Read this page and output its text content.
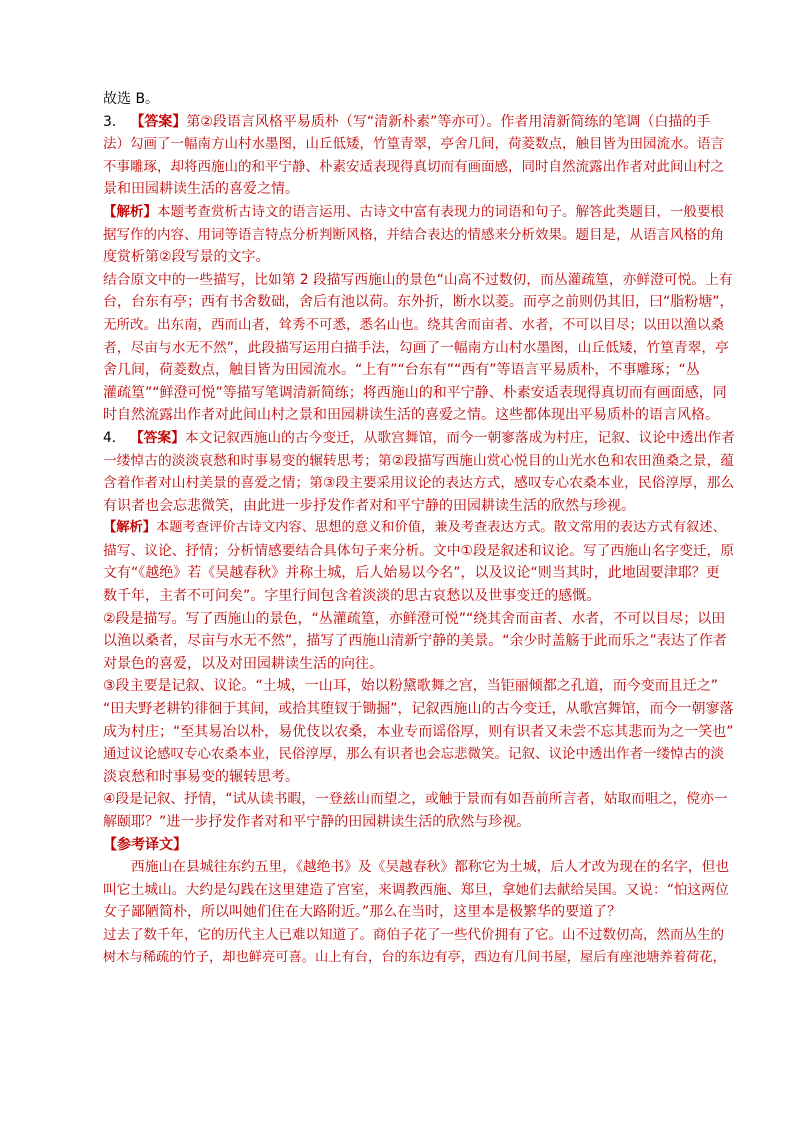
故选 B。

3． 【答案】第②段语言风格平易质朴（写“清新朴素”等亦可）。作者用清新简练的笔调（白描的手

法）勾画了一幅南方山村水墨图，山丘低矮，竹篁青翠，亭舍几间，荷菱数点，触目皆为田园流水。语言

不事雕琢，却将西施山的和平宁静、朴素安适表现得真切而有画面感，同时自然流露出作者对此间山村之

景和田园耕读生活的喜爱之情。

【解析】本题考查赏析古诗文的语言运用、古诗文中富有表现力的词语和句子。解答此类题目，一般要根

据写作的内容、用词等语言特点分析判断风格，并结合表达的情感来分析效果。题目是，从语言风格的角

度赏析第②段写景的文字。

结合原文中的一些描写，比如第 2 段描写西施山的景色“山高不过数仞，而丛灌疏篁，亦鲜澄可悦。上有

台，台东有亭；西有书舍数础，舍后有池以荷。东外折，断水以菱。而亭之前则仍其旧，曰“脂粉塘”，

无所改。出东南，西而山者，耸秀不可悉，悉名山也。绕其舍而亩者、水者，不可以目尽；以田以渔以桑

者，尽亩与水无不然”，此段描写运用白描手法，勾画了一幅南方山村水墨图，山丘低矮，竹篁青翠，亭

舍几间，荷菱数点，触目皆为田园流水。“上有”“台东有”“西有”等语言平易质朴，不事雕琢；“丛

灌疏篁”“鲜澄可悦”等描写笔调清新简练；将西施山的和平宁静、朴素安适表现得真切而有画面感，同

时自然流露出作者对此间山村之景和田园耕读生活的喜爱之情。这些都体现出平易质朴的语言风格。

4． 【答案】本文记叙西施山的古今变迁，从歌宫舞馆，而今一朝寥落成为村庄，记叙、议论中透出作者

一缕悼古的淡淡哀愁和时事易变的辗转思考；第②段描写西施山赏心悦目的山光水色和农田渔桑之景，蕴

含着作者对山村美景的喜爱之情；第③段主要采用议论的表达方式，感叹专心农桑本业，民俗淳厚，那么

有识者也会忘悲微笑，由此进一步抒发作者对和平宁静的田园耕读生活的欣然与珍视。

【解析】本题考查评价古诗文内容、思想的意义和价值，兼及考查表达方式。散文常用的表达方式有叙述、

描写、议论、抒情；分析情感要结合具体句子来分析。文中①段是叙述和议论。写了西施山名字变迁，原

文有“《越绝》若《吴越春秋》并称土城，后人始易以今名”，以及议论“则当其时，此地固要津耶？更

数千年，主者不可问矣”。字里行间包含着淡淡的思古哀愁以及世事变迁的感慨。

②段是描写。写了西施山的景色，“丛灌疏篁，亦鲜澄可悦”“绕其舍而亩者、水者，不可以目尽；以田

以渔以桑者，尽亩与水无不然”，描写了西施山清新宁静的美景。“余少时盖觞于此而乐之”表达了作者

对景色的喜爱，以及对田园耕读生活的向往。

③段主要是记叙、议论。“土城，一山耳，始以粉黛歌舞之宫，当钜丽倾都之孔道，而今变而且迁之”

“田夫野老耕钓徘徊于其间，或拾其堕钗于锄掘”，记叙西施山的古今变迁，从歌宫舞馆，而今一朝寥落

成为村庄；“至其易冶以朴，易优伎以农桑，本业专而谣俗厚，则有识者又未尝不忘其悲而为之一笑也”

通过议论感叹专心农桑本业，民俗淳厚，那么有识者也会忘悲微笑。记叙、议论中透出作者一缕悼古的淡

淡哀愁和时事易变的辗转思考。

④段是记叙、抒情，“试从读书暇，一登兹山而望之，或触于景而有如吾前所言者，姑取而咀之，傥亦一

解颐耶？”进一步抒发作者对和平宁静的田园耕读生活的欣然与珍视。

【参考译文】

西施山在县城往东约五里，《越绝书》及《吴越春秋》都称它为土城，后人才改为现在的名字，但也

叫它土城山。大约是勾践在这里建造了宫室，来调教西施、郑旦，拿她们去献给吴国。又说：“怕这两位

女子鄙陋简朴，所以叫她们住在大路附近。”那么在当时，这里本是极繁华的要道了？

过去了数千年，它的历代主人已难以知道了。商伯子花了一些代价拥有了它。山不过数仞高，然而丛生的

树木与稀疏的竹子，却也鲜亮可喜。山上有台，台的东边有亭，西边有几间书屋，屋后有座池塘养着荷花，
